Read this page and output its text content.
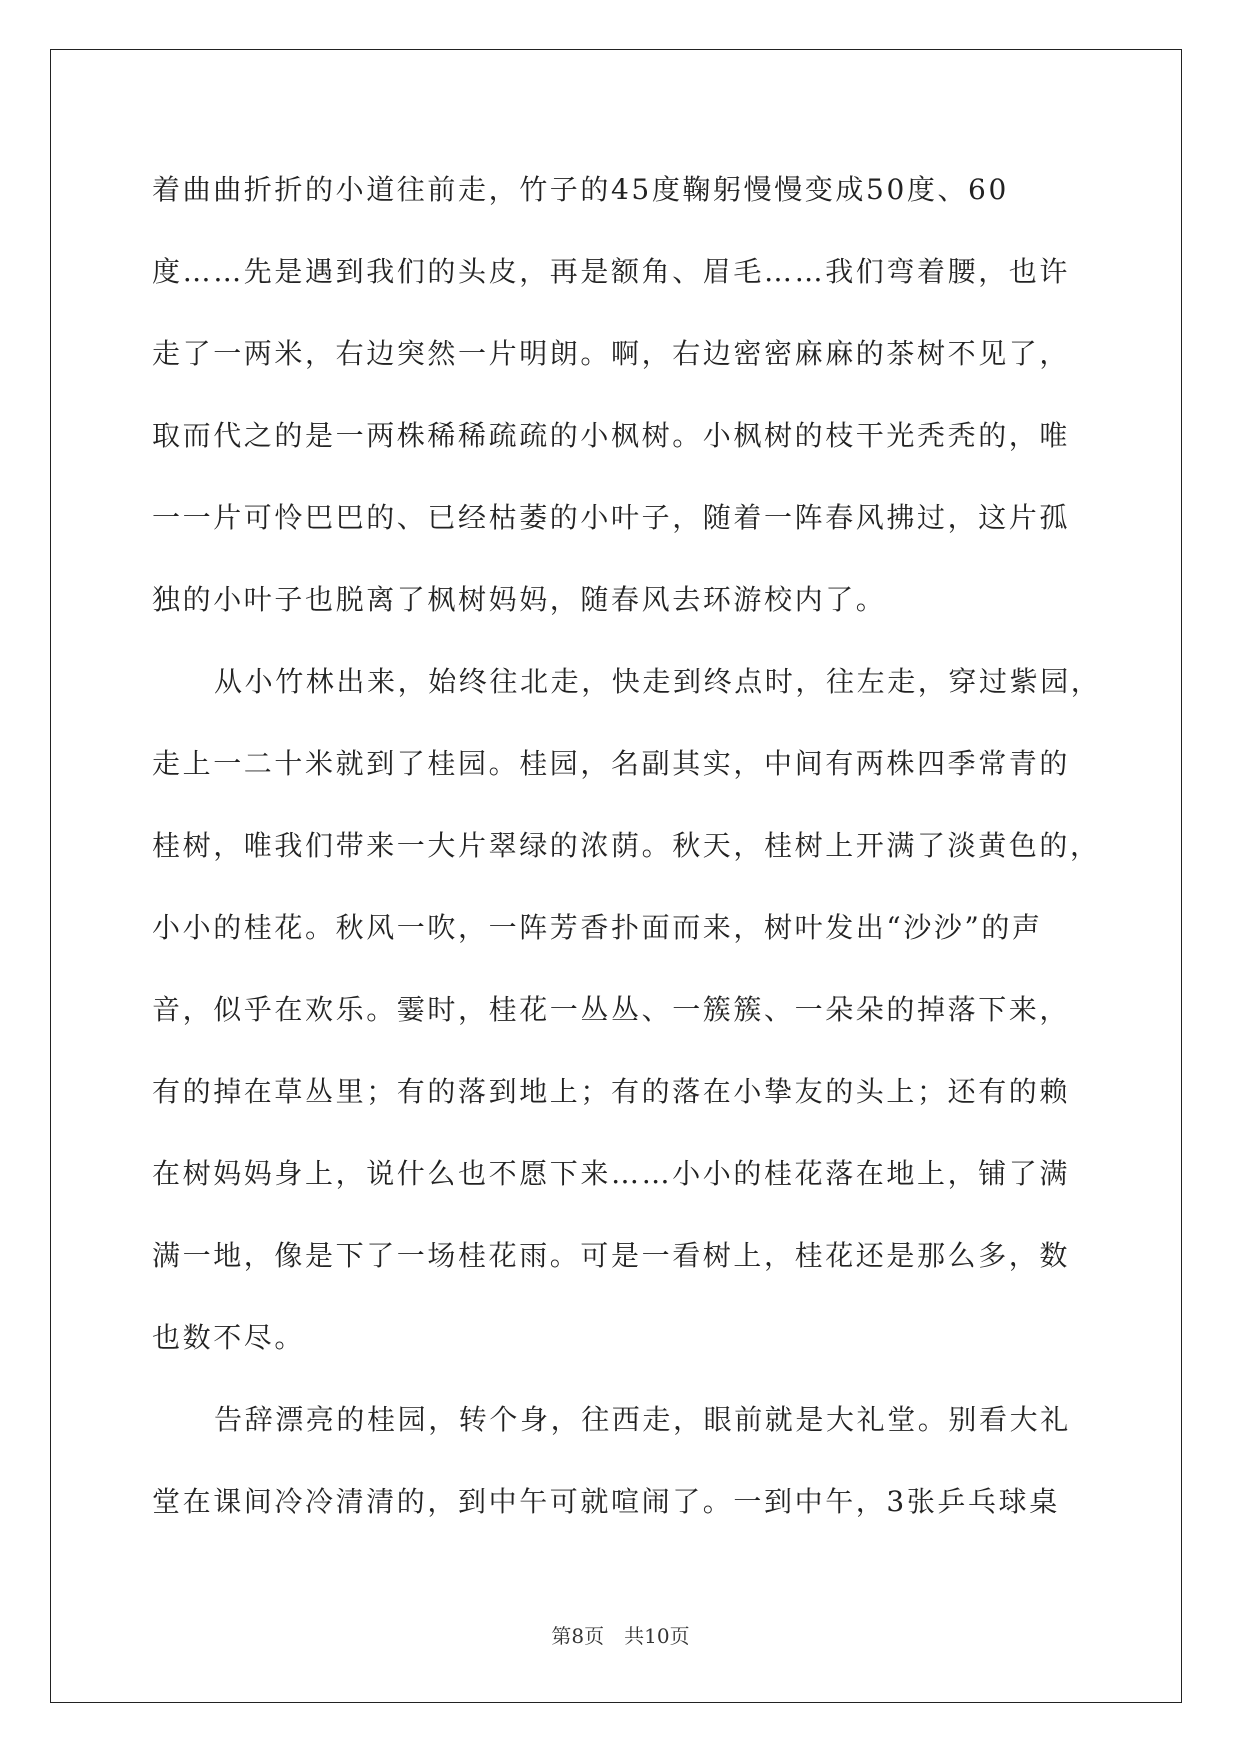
着曲曲折折的小道往前走，竹子的45度鞠躬慢慢变成50度、60
度……先是遇到我们的头皮，再是额角、眉毛……我们弯着腰，也许
走了一两米，右边突然一片明朗。啊，右边密密麻麻的茶树不见了，
取而代之的是一两株稀稀疏疏的小枫树。小枫树的枝干光秃秃的，唯
一一片可怜巴巴的、已经枯萎的小叶子，随着一阵春风拂过，这片孤
独的小叶子也脱离了枫树妈妈，随春风去环游校内了。
从小竹林出来，始终往北走，快走到终点时，往左走，穿过紫园，
走上一二十米就到了桂园。桂园，名副其实，中间有两株四季常青的
桂树，唯我们带来一大片翠绿的浓荫。秋天，桂树上开满了淡黄色的，
小小的桂花。秋风一吹，一阵芳香扑面而来，树叶发出“沙沙”的声
音，似乎在欢乐。霎时，桂花一丛丛、一簇簇、一朵朵的掉落下来，
有的掉在草丛里；有的落到地上；有的落在小挚友的头上；还有的赖
在树妈妈身上，说什么也不愿下来……小小的桂花落在地上，铺了满
满一地，像是下了一场桂花雨。可是一看树上，桂花还是那么多，数
也数不尽。
告辞漂亮的桂园，转个身，往西走，眼前就是大礼堂。别看大礼
堂在课间冷冷清清的，到中午可就喧闹了。一到中午，3张乒乓球桌
第8页　共10页
